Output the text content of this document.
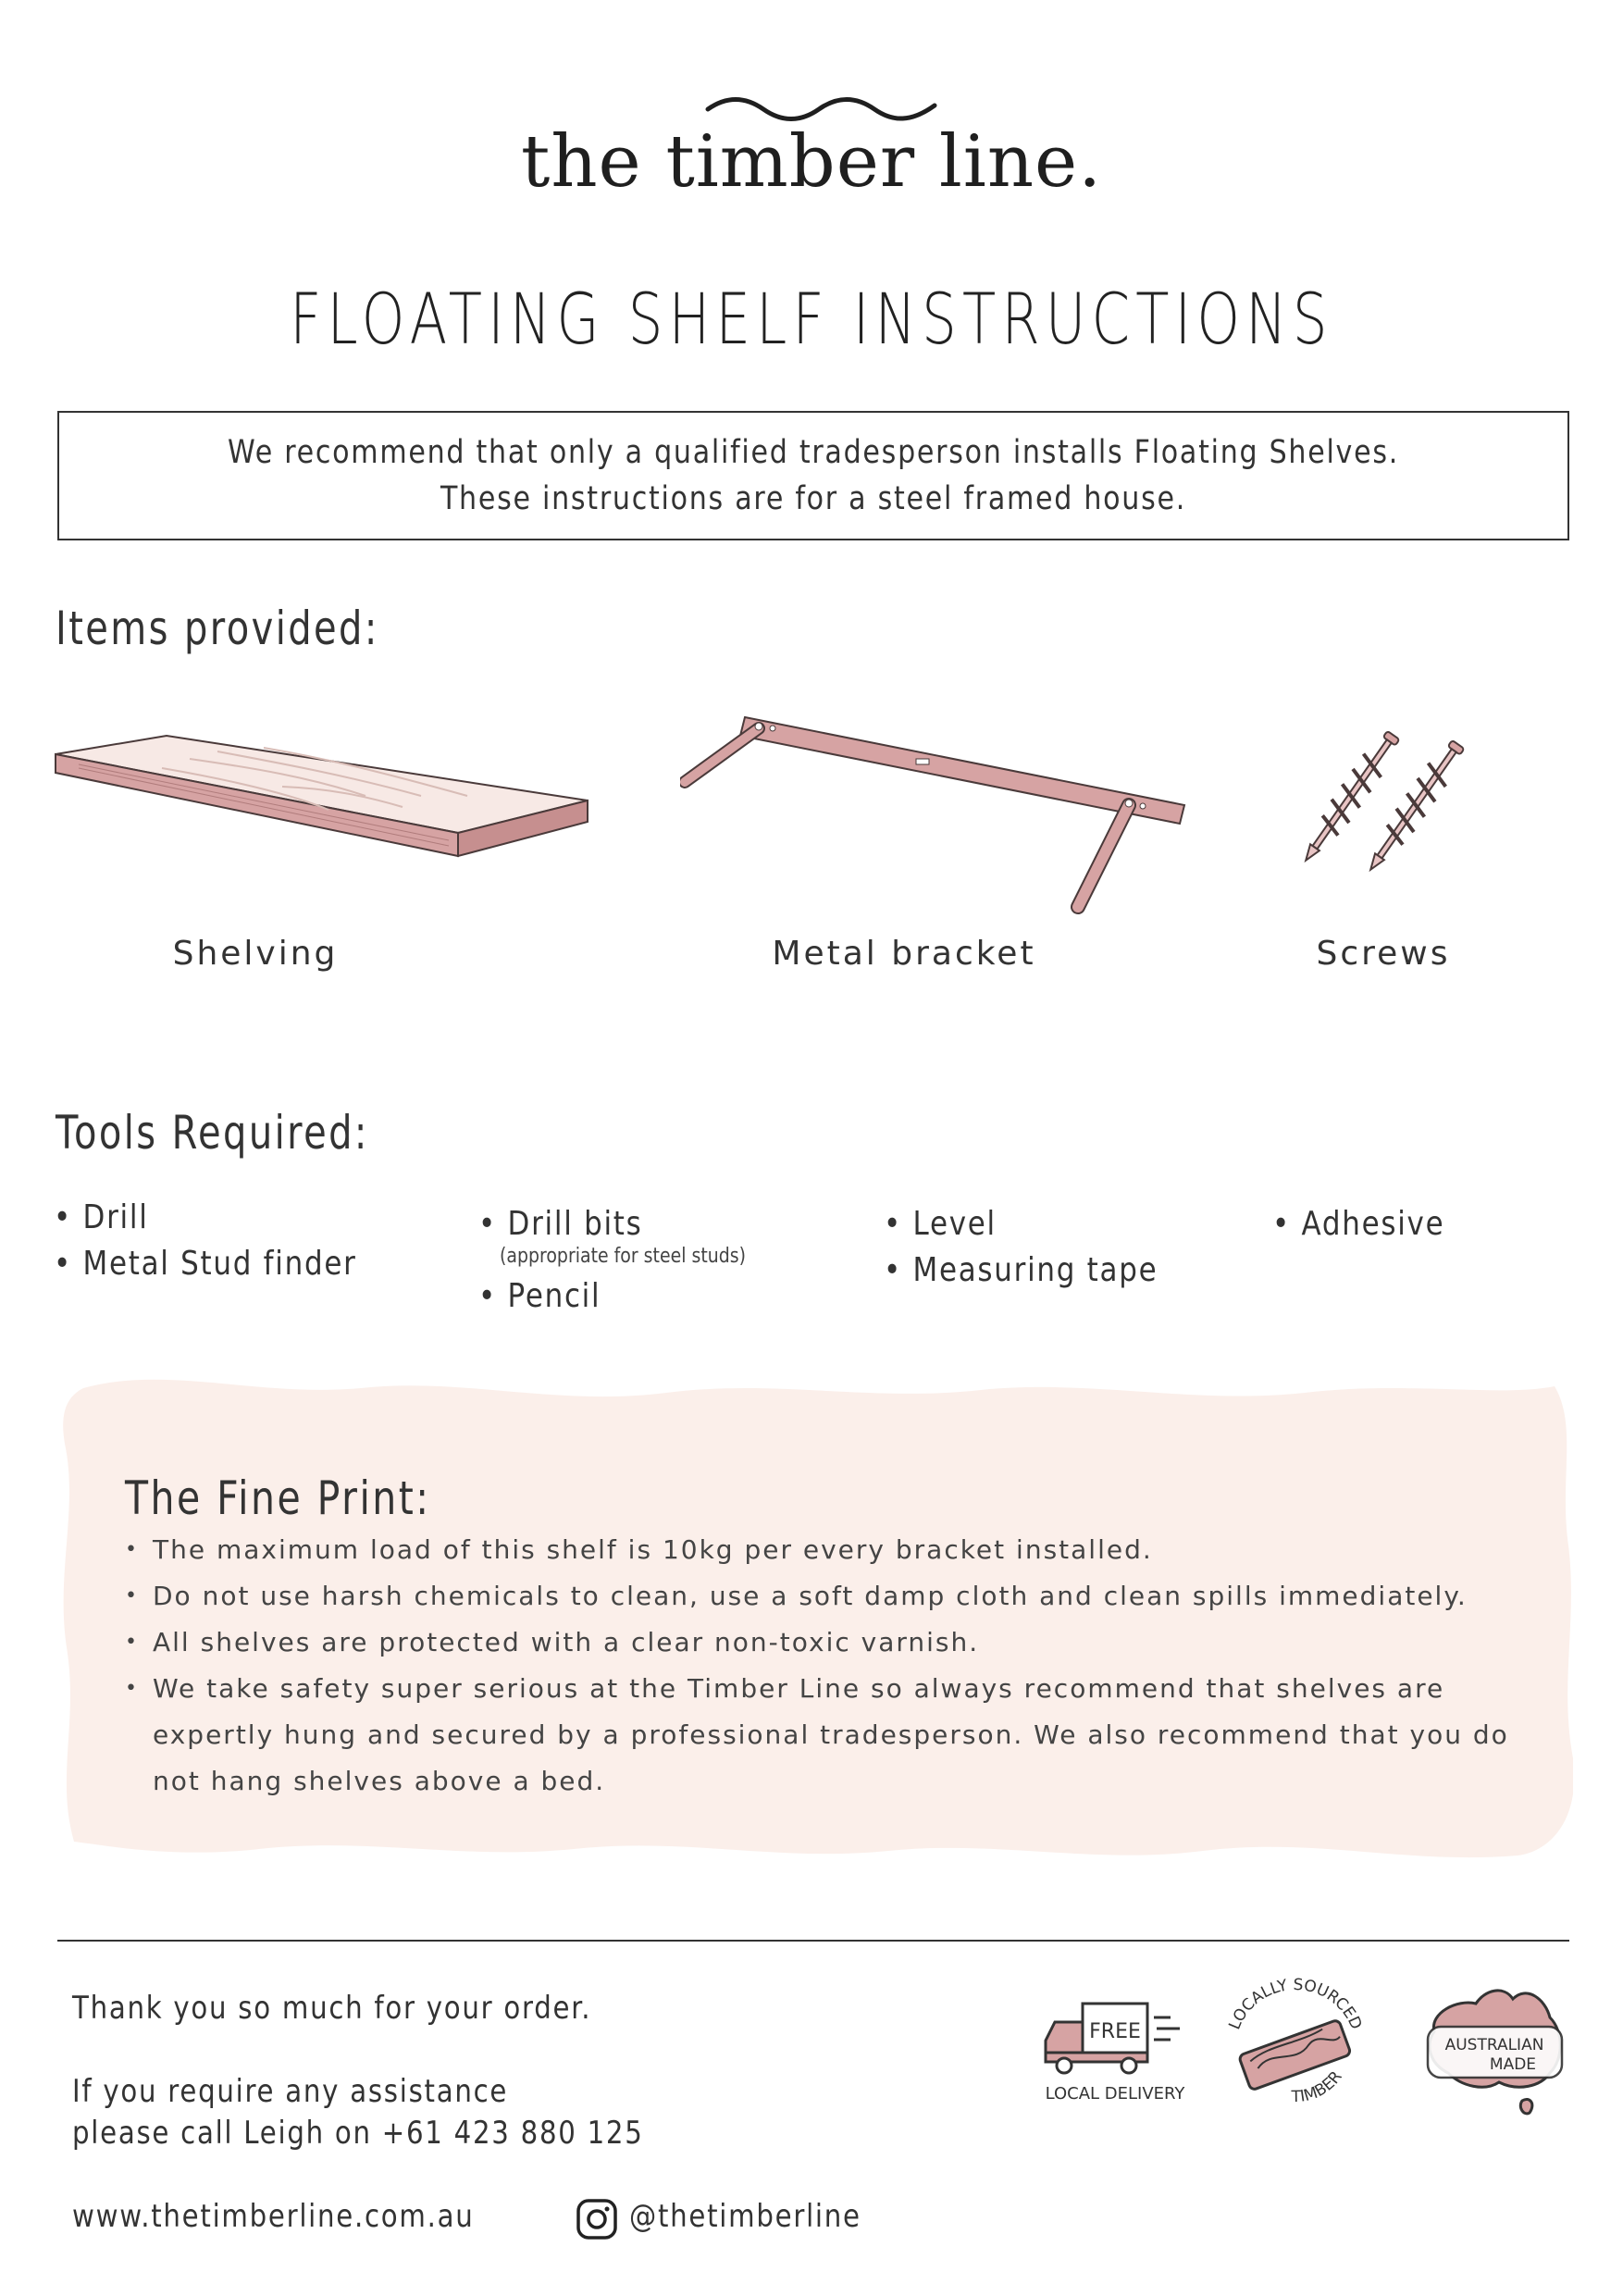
the timber line.
FLOATING SHELF INSTRUCTIONS
We recommend that only a qualified tradesperson installs Floating Shelves.
These instructions are for a steel framed house.
Items provided:
Shelving	Metal bracket	Screws
Tools Required:
• Drill
• Metal Stud finder
• Drill bits
(appropriate for steel studs)
• Pencil
• Level
• Measuring tape
• Adhesive
The Fine Print:
• The maximum load of this shelf is 10kg per every bracket installed.
• Do not use harsh chemicals to clean, use a soft damp cloth and clean spills immediately.
• All shelves are protected with a clear non-toxic varnish.
• We take safety super serious at the Timber Line so always recommend that shelves are expertly hung and secured by a professional tradesperson. We also recommend that you do not hang shelves above a bed.
Thank you so much for your order.
If you require any assistance
please call Leigh on +61 423 880 125
www.thetimberline.com.au	@thetimberline
FREE
LOCAL DELIVERY
LOCALLY SOURCED
TIMBER
AUSTRALIAN
MADE
